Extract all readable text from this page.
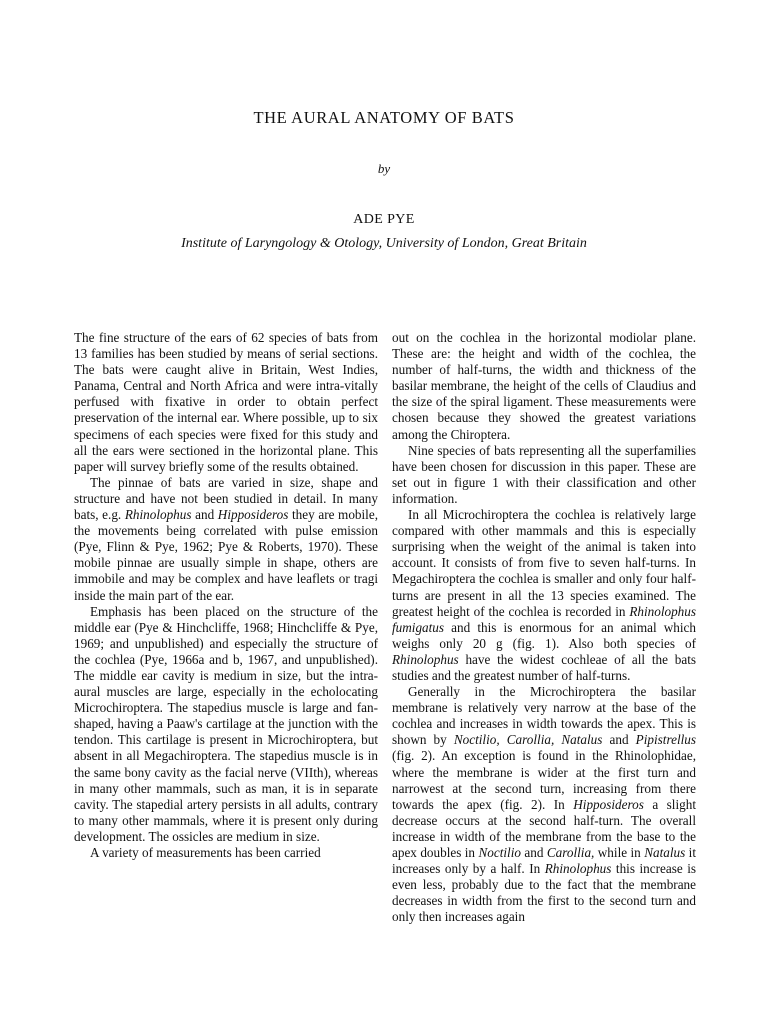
THE AURAL ANATOMY OF BATS
by
ADE PYE
Institute of Laryngology & Otology, University of London, Great Britain

The fine structure of the ears of 62 species of bats from 13 families has been studied by means of serial sections. The bats were caught alive in Britain, West Indies, Panama, Central and North Africa and were intra-vitally perfused with fixative in order to obtain perfect preservation of the internal ear. Where possible, up to six specimens of each species were fixed for this study and all the ears were sectioned in the horizontal plane. This paper will survey briefly some of the results obtained.

The pinnae of bats are varied in size, shape and structure and have not been studied in detail. In many bats, e.g. Rhinolophus and Hipposideros they are mobile, the movements being correlated with pulse emission (Pye, Flinn & Pye, 1962; Pye & Roberts, 1970). These mobile pinnae are usually simple in shape, others are immobile and may be complex and have leaflets or tragi inside the main part of the ear.

Emphasis has been placed on the structure of the middle ear (Pye & Hinchcliffe, 1968; Hinchcliffe & Pye, 1969; and unpublished) and especially the structure of the cochlea (Pye, 1966a and b, 1967, and unpublished). The middle ear cavity is medium in size, but the intra-aural muscles are large, especially in the echolocating Microchiroptera. The stapedius muscle is large and fan-shaped, having a Paaw's cartilage at the junction with the tendon. This cartilage is present in Microchiroptera, but absent in all Megachiroptera. The stapedius muscle is in the same bony cavity as the facial nerve (VIIth), whereas in many other mammals, such as man, it is in separate cavity. The stapedial artery persists in all adults, contrary to many other mammals, where it is present only during development. The ossicles are medium in size.

A variety of measurements has been carried

out on the cochlea in the horizontal modiolar plane. These are: the height and width of the cochlea, the number of half-turns, the width and thickness of the basilar membrane, the height of the cells of Claudius and the size of the spiral ligament. These measurements were chosen because they showed the greatest variations among the Chiroptera.

Nine species of bats representing all the superfamilies have been chosen for discussion in this paper. These are set out in figure 1 with their classification and other information.

In all Microchiroptera the cochlea is relatively large compared with other mammals and this is especially surprising when the weight of the animal is taken into account. It consists of from five to seven half-turns. In Megachiroptera the cochlea is smaller and only four half-turns are present in all the 13 species examined. The greatest height of the cochlea is recorded in Rhinolophus fumigatus and this is enormous for an animal which weighs only 20 g (fig. 1). Also both species of Rhinolophus have the widest cochleae of all the bats studies and the greatest number of half-turns.

Generally in the Microchiroptera the basilar membrane is relatively very narrow at the base of the cochlea and increases in width towards the apex. This is shown by Noctilio, Carollia, Natalus and Pipistrellus (fig. 2). An exception is found in the Rhinolophidae, where the membrane is wider at the first turn and narrowest at the second turn, increasing from there towards the apex (fig. 2). In Hipposideros a slight decrease occurs at the second half-turn. The overall increase in width of the membrane from the base to the apex doubles in Noctilio and Carollia, while in Natalus it increases only by a half. In Rhinolophus this increase is even less, probably due to the fact that the membrane decreases in width from the first to the second turn and only then increases again
